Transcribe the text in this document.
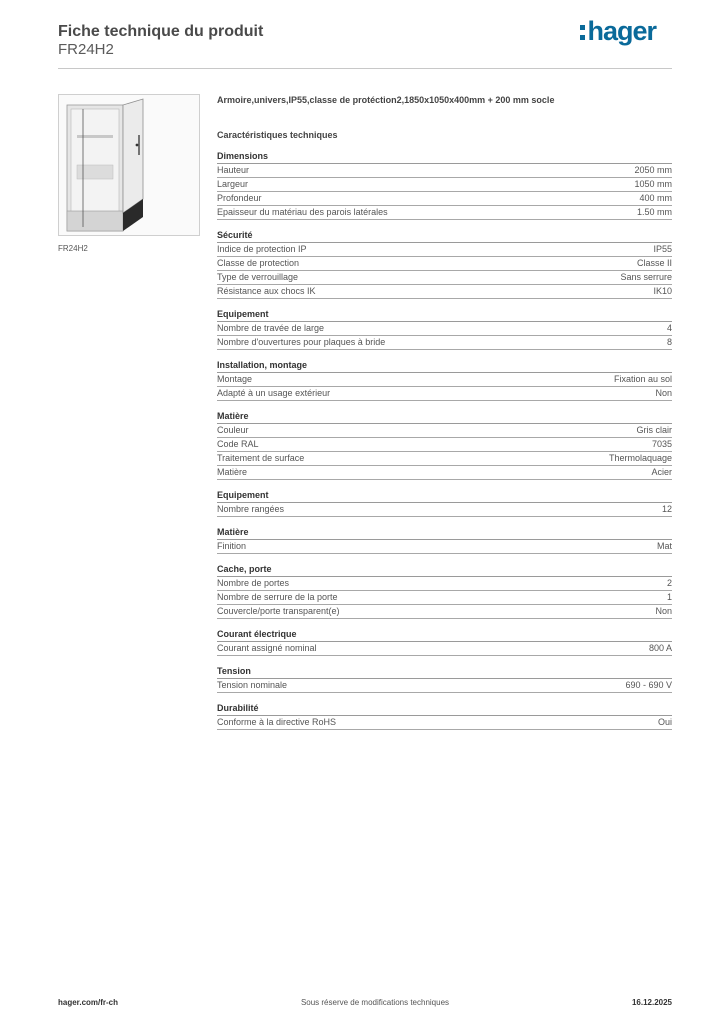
Fiche technique du produit
FR24H2
hager
FR24H2
Armoire,univers,IP55,classe de protéction2,1850x1050x400mm + 200 mm socle
Caractéristiques techniques
Dimensions
Hauteur	2050 mm
Largeur	1050 mm
Profondeur	400 mm
Epaisseur du matériau des parois latérales	1.50 mm
Sécurité
Indice de protection IP	IP55
Classe de protection	Classe II
Type de verrouillage	Sans serrure
Résistance aux chocs IK	IK10
Equipement
Nombre de travée de large	4
Nombre d'ouvertures pour plaques à bride	8
Installation, montage
Montage	Fixation au sol
Adapté à un usage extérieur	Non
Matière
Couleur	Gris clair
Code RAL	7035
Traitement de surface	Thermolaquage
Matière	Acier
Equipement
Nombre rangées	12
Matière
Finition	Mat
Cache, porte
Nombre de portes	2
Nombre de serrure de la porte	1
Couvercle/porte transparent(e)	Non
Courant électrique
Courant assigné nominal	800 A
Tension
Tension nominale	690 - 690 V
Durabilité
Conforme à la directive RoHS	Oui
hager.com/fr-ch	Sous réserve de modifications techniques	16.12.2025
